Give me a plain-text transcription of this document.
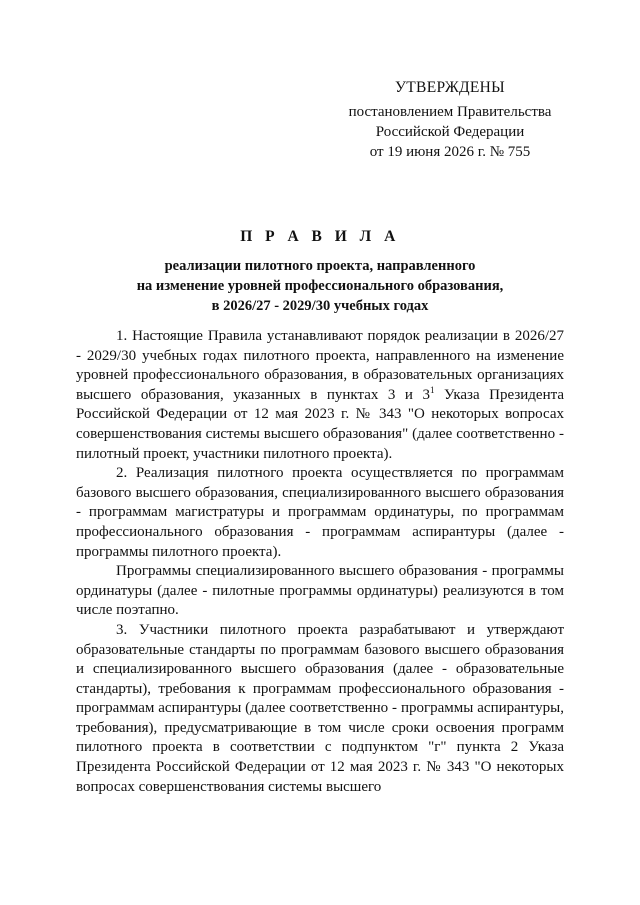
УТВЕРЖДЕНЫ
постановлением Правительства
Российской Федерации
от 19 июня 2026 г. № 755
П Р А В И Л А
реализации пилотного проекта, направленного
на изменение уровней профессионального образования,
в 2026/27 - 2029/30 учебных годах

1. Настоящие Правила устанавливают порядок реализации в 2026/27 - 2029/30 учебных годах пилотного проекта, направленного на изменение уровней профессионального образования, в образовательных организациях высшего образования, указанных в пунктах 3 и $3^1$ Указа Президента Российской Федерации от 12 мая 2023 г. № 343 "О некоторых вопросах совершенствования системы высшего образования" (далее соответственно - пилотный проект, участники пилотного проекта).

2. Реализация пилотного проекта осуществляется по программам базового высшего образования, специализированного высшего образования - программам магистратуры и программам ординатуры, по программам профессионального образования - программам аспирантуры (далее - программы пилотного проекта).

Программы специализированного высшего образования - программы ординатуры (далее - пилотные программы ординатуры) реализуются в том числе поэтапно.

3. Участники пилотного проекта разрабатывают и утверждают образовательные стандарты по программам базового высшего образования и специализированного высшего образования (далее - образовательные стандарты), требования к программам профессионального образования - программам аспирантуры (далее соответственно - программы аспирантуры, требования), предусматривающие в том числе сроки освоения программ пилотного проекта в соответствии с подпунктом "г" пункта 2 Указа Президента Российской Федерации от 12 мая 2023 г. № 343 "О некоторых вопросах совершенствования системы высшего
